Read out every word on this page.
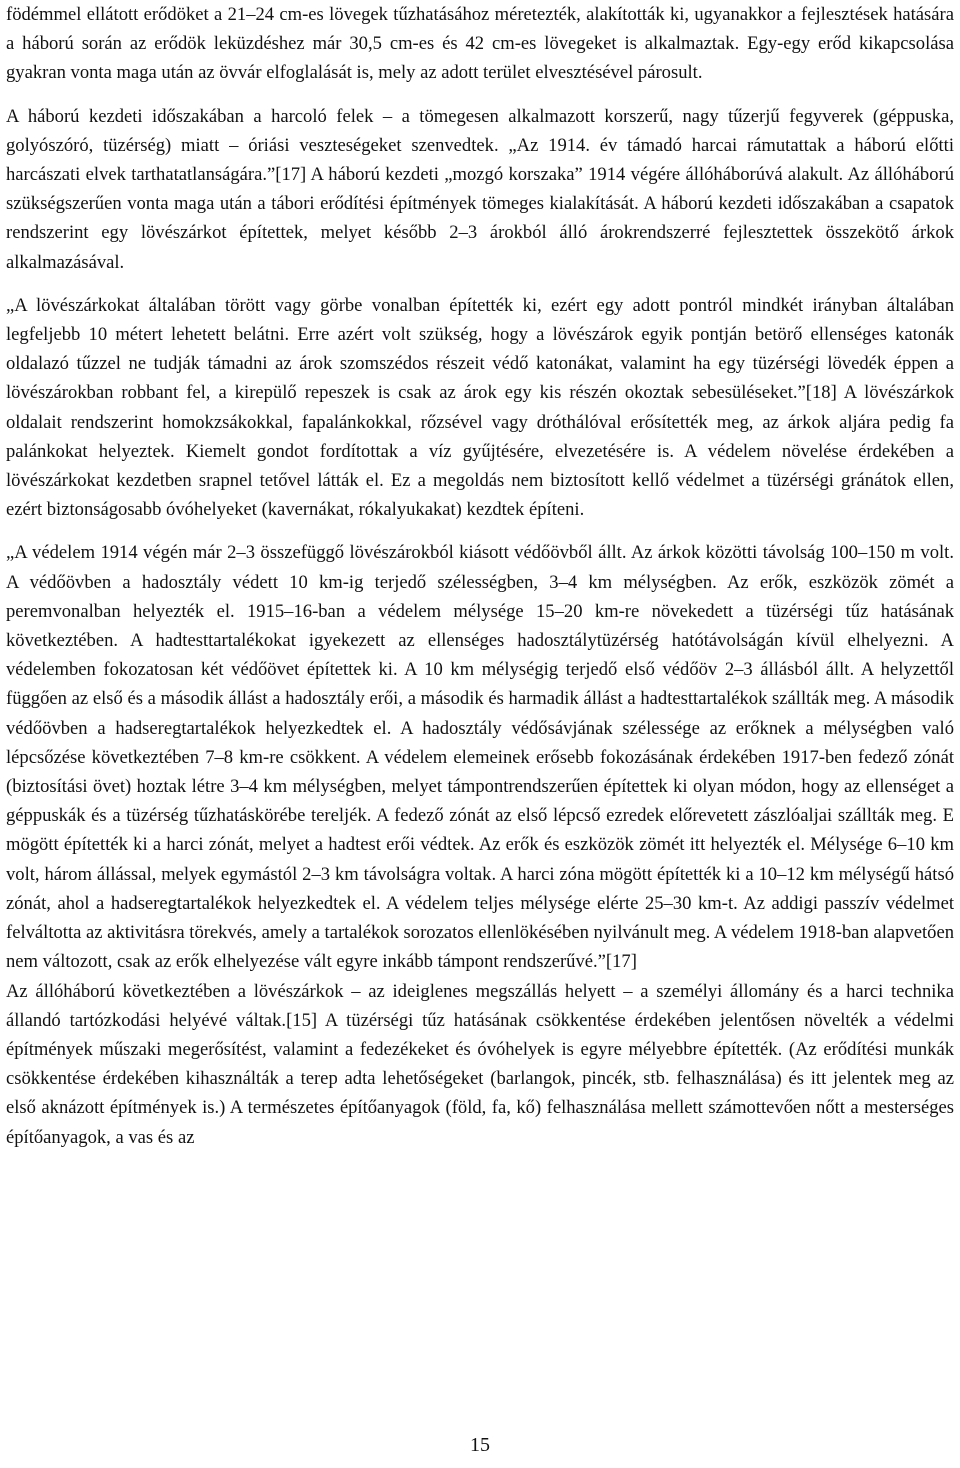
födémmel ellátott erődöket a 21–24 cm-es lövegek tűzhatásához méretezték, alakították ki, ugyanakkor a fejlesztések hatására a háború során az erődök leküzdéshez már 30,5 cm-es és 42 cm-es lövegeket is alkalmaztak. Egy-egy erőd kikapcsolása gyakran vonta maga után az övvár elfoglalását is, mely az adott terület elvesztésével párosult.

A háború kezdeti időszakában a harcoló felek – a tömegesen alkalmazott korszerű, nagy tűzerjű fegyverek (géppuska, golyószóró, tüzérség) miatt – óriási veszteségeket szenvedtek. „Az 1914. év támadó harcai rámutattak a háború előtti harcászati elvek tarthatatlanságára.”[17] A háború kezdeti „mozgó korszaka” 1914 végére állóháborúvá alakult. Az állóháború szükségszerűen vonta maga után a tábori erődítési építmények tömeges kialakítását. A háború kezdeti időszakában a csapatok rendszerint egy lövészárkot építettek, melyet később 2–3 árokból álló árokrendszerré fejlesztettek összekötő árkok alkalmazásával.

„A lövészárkokat általában törött vagy görbe vonalban építették ki, ezért egy adott pontról mindkét irányban általában legfeljebb 10 métert lehetett belátni. Erre azért volt szükség, hogy a lövészárok egyik pontján betörő ellenséges katonák oldalazó tűzzel ne tudják támadni az árok szomszédos részeit védő katonákat, valamint ha egy tüzérségi lövedék éppen a lövészárokban robbant fel, a kirepülő repeszek is csak az árok egy kis részén okoztak sebesüléseket.”[18] A lövészárkok oldalait rendszerint homokzsákokkal, fapalánkokkal, rőzsével vagy dróthálóval erősítették meg, az árkok aljára pedig fa palánkokat helyeztek. Kiemelt gondot fordítottak a víz gyűjtésére, elvezetésére is. A védelem növelése érdekében a lövészárkokat kezdetben srapnel tetővel látták el. Ez a megoldás nem biztosított kellő védelmet a tüzérségi gránátok ellen, ezért biztonságosabb óvóhelyeket (kavernákat, rókalyukakat) kezdtek építeni.

„A védelem 1914 végén már 2–3 összefüggő lövészárokból kiásott védőövből állt. Az árkok közötti távolság 100–150 m volt. A védőövben a hadosztály védett 10 km-ig terjedő szélességben, 3–4 km mélységben. Az erők, eszközök zömét a peremvonalban helyezték el. 1915–16-ban a védelem mélysége 15–20 km-re növekedett a tüzérségi tűz hatásának következtében. A hadtesttartalékokat igyekezett az ellenséges hadosztálytüzérség hatótávolságán kívül elhelyezni. A védelemben fokozatosan két védőövet építettek ki. A 10 km mélységig terjedő első védőöv 2–3 állásból állt. A helyzettől függően az első és a második állást a hadosztály erői, a második és harmadik állást a hadtesttartalékok szállták meg. A második védőövben a hadseregtartalékok helyezkedtek el. A hadosztály védősávjának szélessége az erőknek a mélységben való lépcsőzése következtében 7–8 km-re csökkent. A védelem elemeinek erősebb fokozásának érdekében 1917-ben fedező zónát (biztosítási övet) hoztak létre 3–4 km mélységben, melyet támpontrendszerűen építettek ki olyan módon, hogy az ellenséget a géppuskák és a tüzérség tűzhatáskörébe tereljék. A fedező zónát az első lépcső ezredek előrevetett zászlóaljai szállták meg. E mögött építették ki a harci zónát, melyet a hadtest erői védtek. Az erők és eszközök zömét itt helyezték el. Mélysége 6–10 km volt, három állással, melyek egymástól 2–3 km távolságra voltak. A harci zóna mögött építették ki a 10–12 km mélységű hátsó zónát, ahol a hadseregtartalékok helyezkedtek el. A védelem teljes mélysége elérte 25–30 km-t. Az addigi passzív védelmet felváltotta az aktivitásra törekvés, amely a tartalékok sorozatos ellenlökésében nyilvánult meg. A védelem 1918-ban alapvetően nem változott, csak az erők elhelyezése vált egyre inkább támpont rendszerűvé.”[17]

Az állóháború következtében a lövészárkok – az ideiglenes megszállás helyett – a személyi állomány és a harci technika állandó tartózkodási helyévé váltak.[15] A tüzérségi tűz hatásának csökkentése érdekében jelentősen növelték a védelmi építmények műszaki megerősítést, valamint a fedezékeket és óvóhelyek is egyre mélyebbre építették. (Az erődítési munkák csökkentése érdekében kihasználták a terep adta lehetőségeket (barlangok, pincék, stb. felhasználása) és itt jelentek meg az első aknázott építmények is.) A természetes építőanyagok (föld, fa, kő) felhasználása mellett számottevően nőtt a mesterséges építőanyagok, a vas és az

15
